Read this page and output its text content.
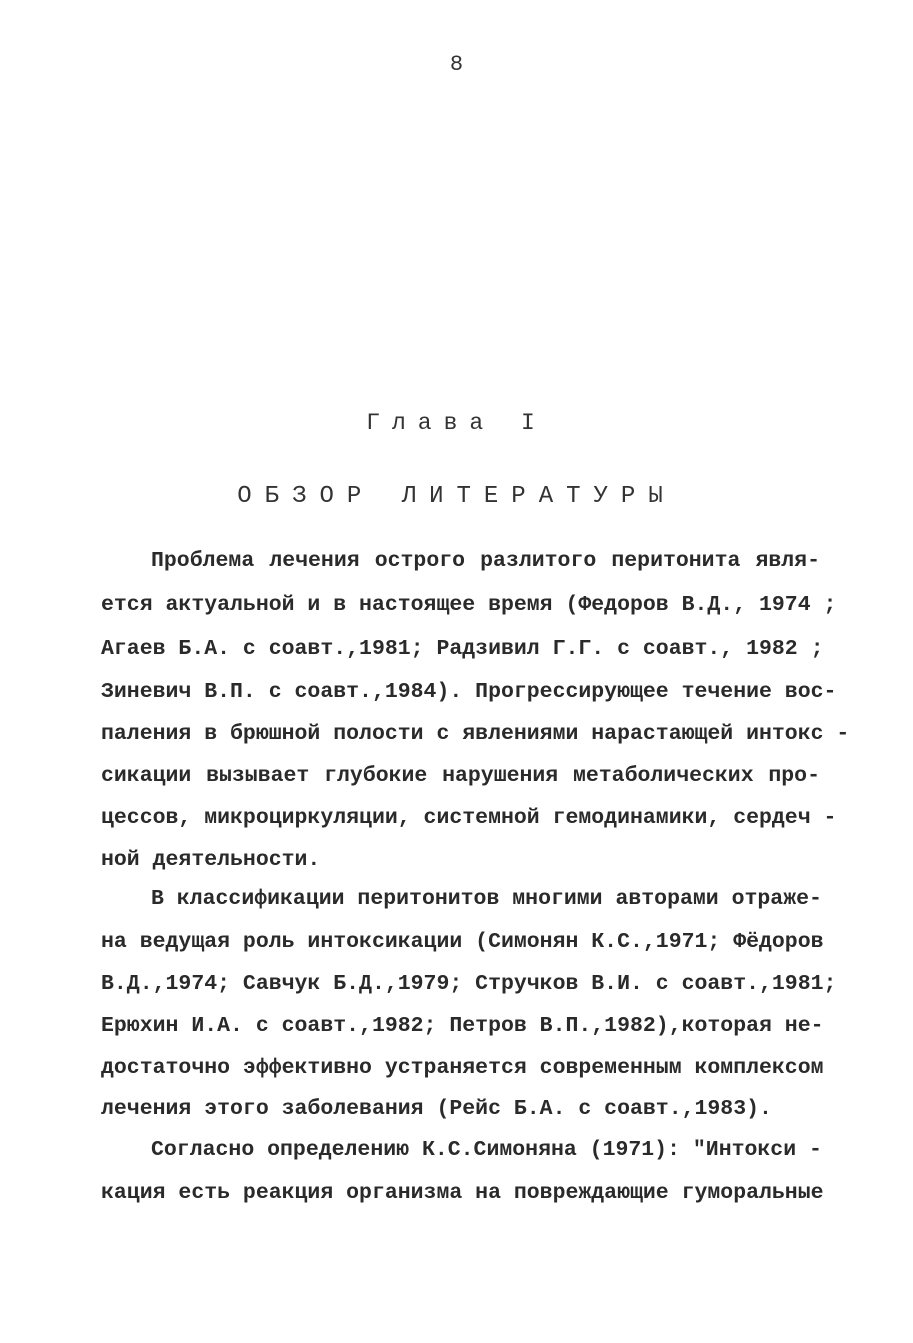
8
Глава I
ОБЗОР ЛИТЕРАТУРЫ
Проблема лечения острого разлитого перитонита явля-
ется актуальной и в настоящее время (Федоров В.Д., 1974 ;
Агаев Б.А. с соавт.,1981; Радзивил Г.Г. с соавт., 1982 ;
Зиневич В.П. с соавт.,1984). Прогрессирующее течение вос-
паления в брюшной полости с явлениями нарастающей интокс -
сикации вызывает глубокие нарушения метаболических про-
цессов, микроциркуляции, системной гемодинамики, сердеч -
ной деятельности.
В классификации перитонитов многими авторами отраже-
на ведущая роль интоксикации (Симонян К.С.,1971; Фёдоров
В.Д.,1974; Савчук Б.Д.,1979; Стручков В.И. с соавт.,1981;
Ерюхин И.А. с соавт.,1982; Петров В.П.,1982),которая не-
достаточно эффективно устраняется современным комплексом
лечения этого заболевания (Рейс Б.А. с соавт.,1983).
Согласно определению К.С.Симоняна (1971): "Интокси -
кация есть реакция организма на повреждающие гуморальные
